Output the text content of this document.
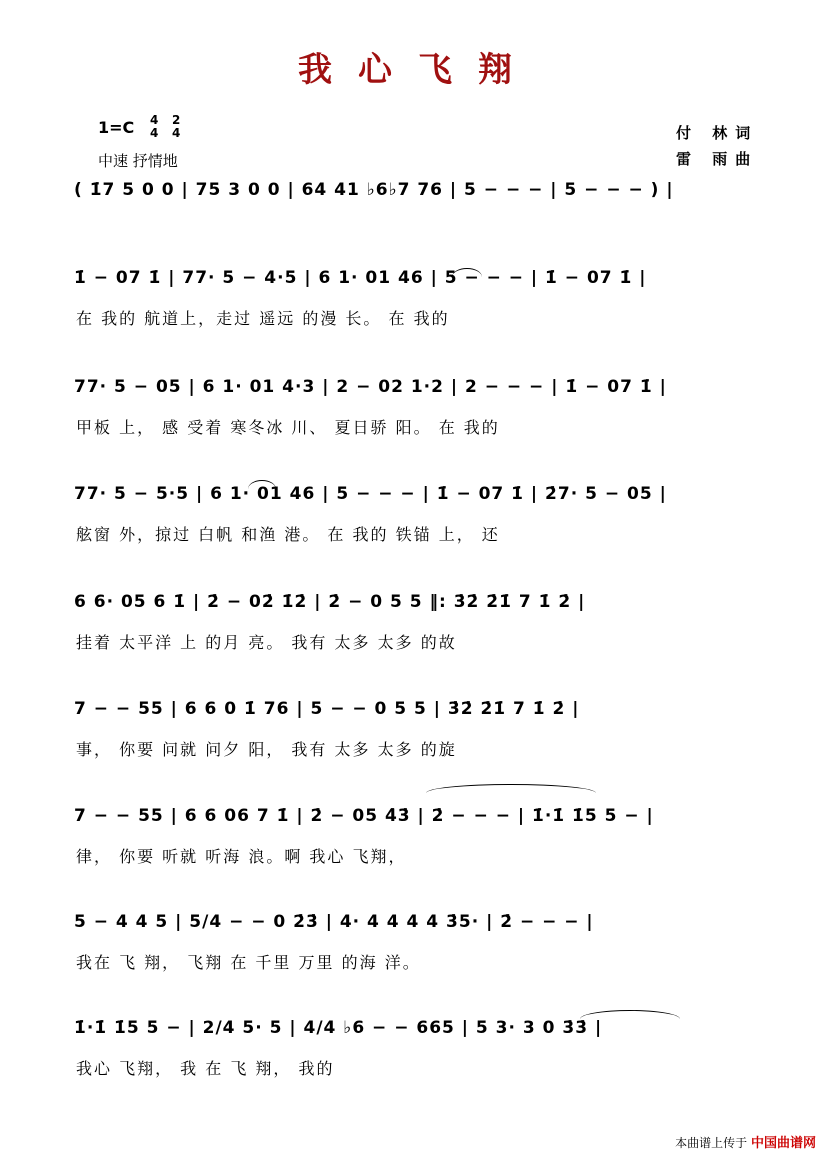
我心飞翔
1=C 4
4
2
4
中速 抒情地
付 林词
雷 雨曲
( 1̇7 5 0 0 | 75 3 0 0 | 64 41 ♭6♭7 76 | 5 − − − | 5 − − − ) |
1̇ − 07 1̇ | 77· 5 − 4·5 | 6 1· 01 46 | 5 − − − | 1̇ − 07 1̇ |
在 我的 航道上，走过 遥远 的漫 长。 在 我的
77· 5 − 05 | 6 1· 01 4·3 | 2 − 02 1·2 | 2 − − − | 1̇ − 07 1̇ |
甲板 上， 感 受着 寒冬冰 川、 夏日骄 阳。 在 我的
77· 5 − 5·5 | 6 1· 01 46 | 5 − − − | 1̇ − 07 1̇ | 2̇7· 5 − 05 |
舷窗 外，掠过 白帆 和渔 港。 在 我的 铁锚 上， 还
6 6· 05 6 1̇ | 2̇ − 02̇ 1̇2̇ | 2̇ − 0 5 5 ‖: 3̇2̇ 2̇1̇ 7 1̇ 2̇ |
挂着 太平洋 上 的月 亮。 我有 太多 太多 的故
7 − − 55 | 6 6 0 1̇ 76 | 5 − − 0 5 5 | 3̇2̇ 2̇1̇ 7 1̇ 2̇ |
事， 你要 问就 问夕 阳， 我有 太多 太多 的旋
7 − − 55 | 6 6 06 7 1̇ | 2̇ − 05 4̇3̇ | 2̇ − − − | 1̇·1̇ 1̇5 5 − |
律， 你要 听就 听海 浪。啊 我心 飞翔，
5 − 4 4 5 | 5/4 − − 0 2̇3̇ | 4· 4 4 4 4 3̇5· | 2̇ − − − |
我在 飞 翔， 飞翔 在 千里 万里 的海 洋。
1̇·1̇ 1̇5 5 − | 2/4 5· 5 | 4/4 ♭6 − − 665 | 5 3· 3 0 3̇3̇ |
我心 飞翔， 我 在 飞 翔， 我的
本曲谱上传于 中国曲谱网
